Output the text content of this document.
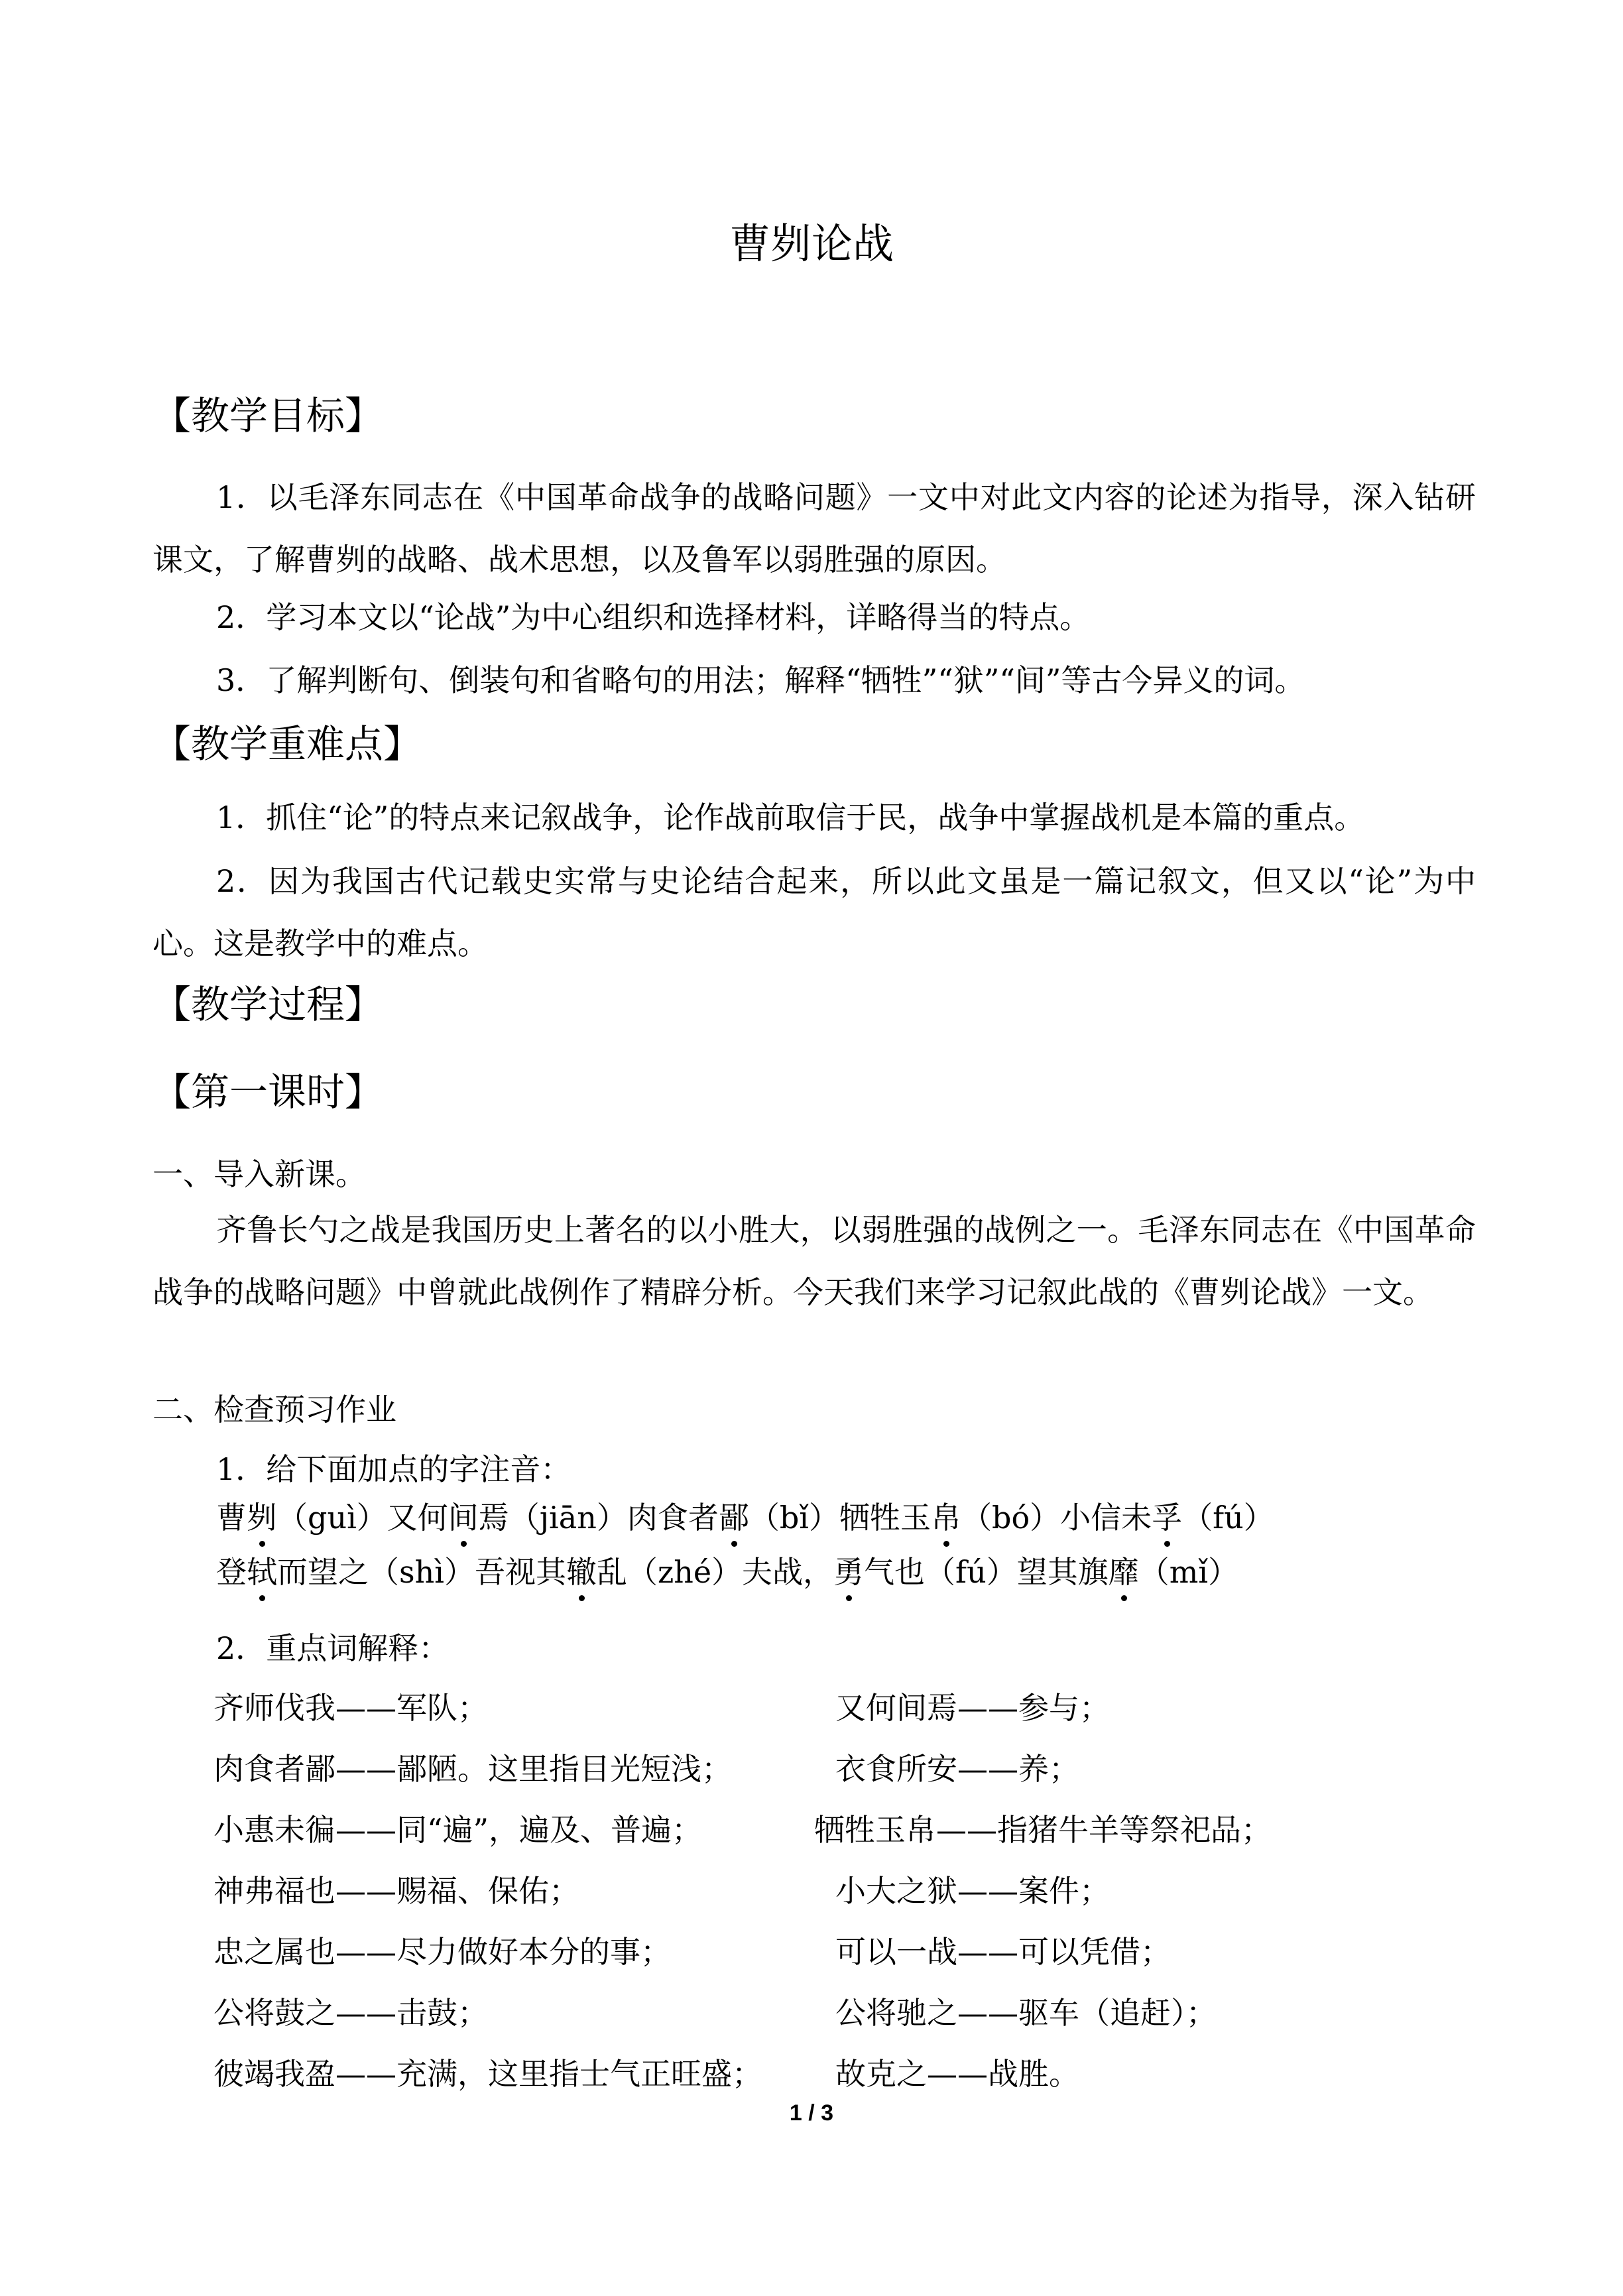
曹刿论战
【教学目标】
1．以毛泽东同志在《中国革命战争的战略问题》一文中对此文内容的论述为指导，深入钻研课文，了解曹刿的战略、战术思想，以及鲁军以弱胜强的原因。
2．学习本文以“论战”为中心组织和选择材料，详略得当的特点。
3．了解判断句、倒装句和省略句的用法；解释“牺牲”“狱”“间”等古今异义的词。
【教学重难点】
1．抓住“论”的特点来记叙战争，论作战前取信于民，战争中掌握战机是本篇的重点。
2．因为我国古代记载史实常与史论结合起来，所以此文虽是一篇记叙文，但又以“论”为中心。这是教学中的难点。
【教学过程】
【第一课时】
一、导入新课。
齐鲁长勺之战是我国历史上著名的以小胜大，以弱胜强的战例之一。毛泽东同志在《中国革命战争的战略问题》中曾就此战例作了精辟分析。今天我们来学习记叙此战的《曹刿论战》一文。
二、检查预习作业
1．给下面加点的字注音：
曹刿（guì）又何间焉（jiān）肉食者鄙（bǐ）牺牲玉帛（bó）小信未孚（fú）
登轼而望之（shì）吾视其辙乱（zhé）夫战，勇气也（fú）望其旗靡（mǐ）
2．重点词解释：
齐师伐我——军队；	又何间焉——参与；
肉食者鄙——鄙陋。这里指目光短浅；	衣食所安——养；
小惠未徧——同“遍”，遍及、普遍；	牺牲玉帛——指猪牛羊等祭祀品；
神弗福也——赐福、保佑；	小大之狱——案件；
忠之属也——尽力做好本分的事；	可以一战——可以凭借；
公将鼓之——击鼓；	公将驰之——驱车（追赶）；
彼竭我盈——充满，这里指士气正旺盛； 故克之——战胜。
1 / 3
